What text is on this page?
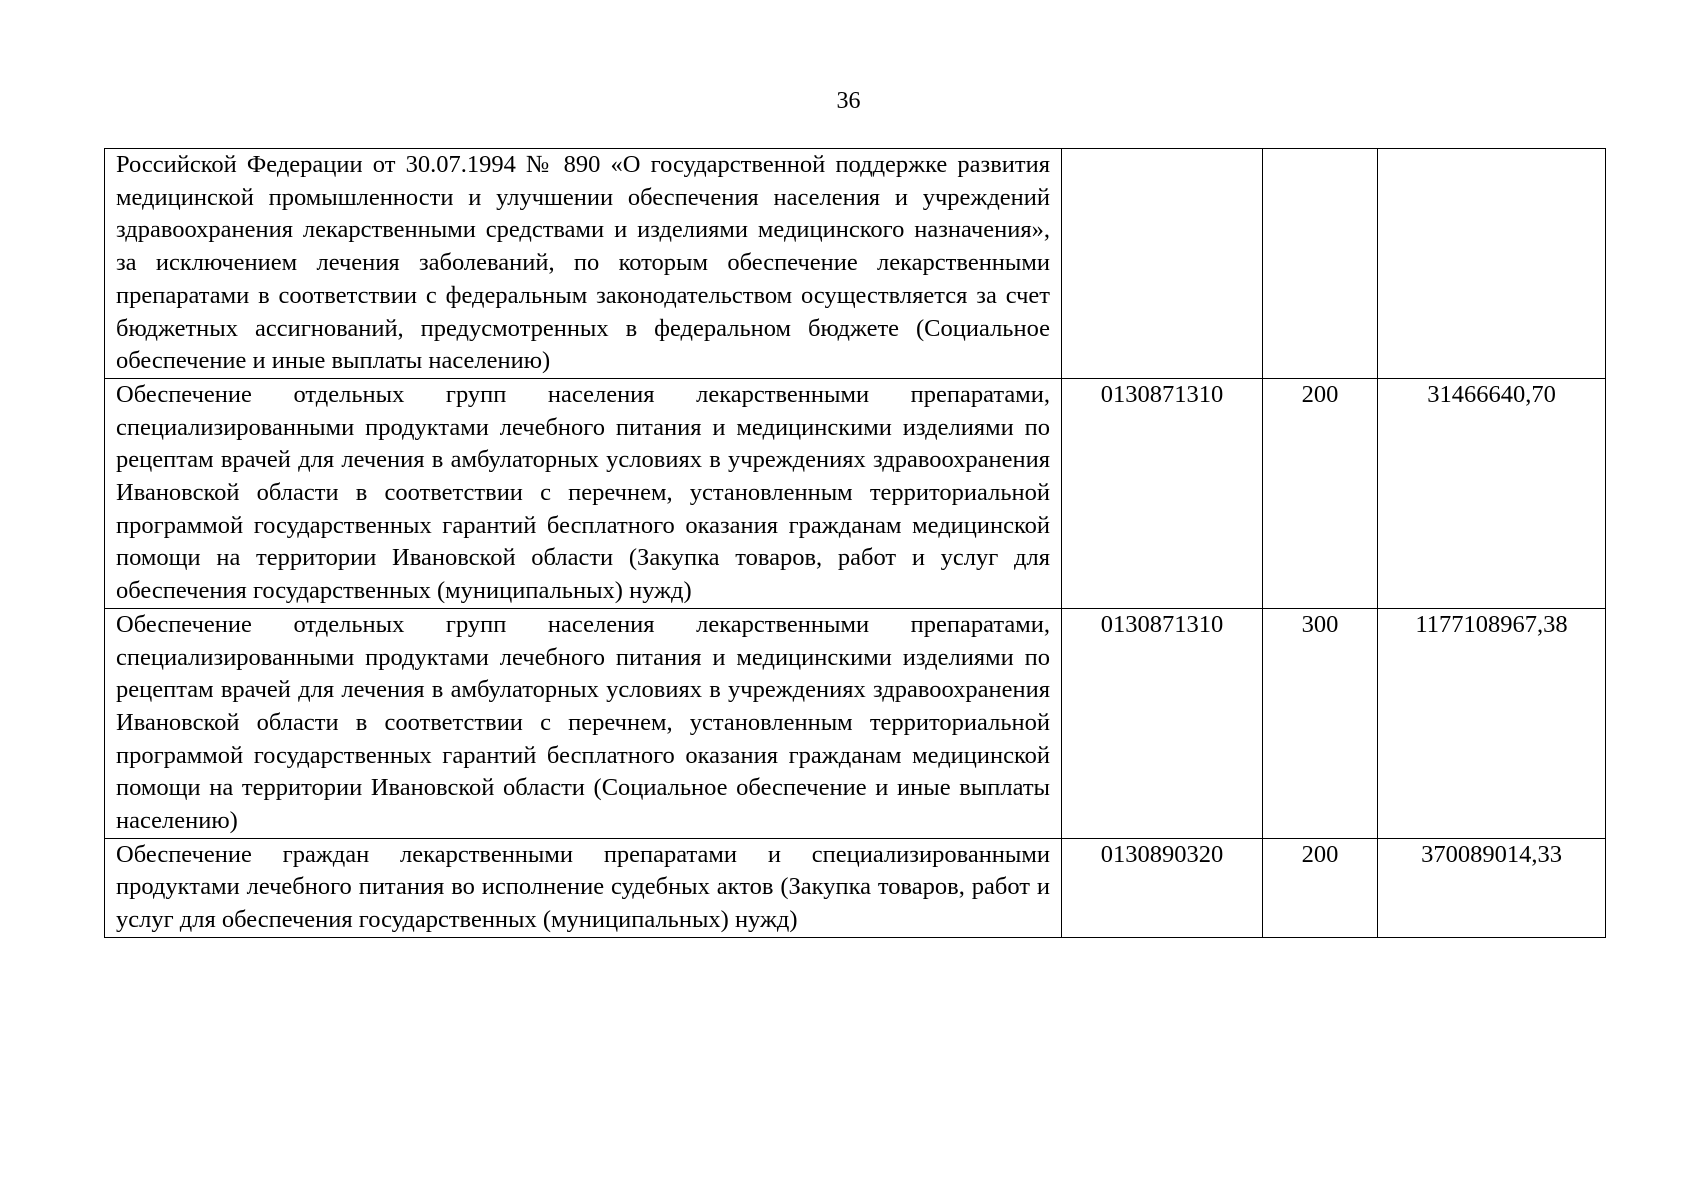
36
Российской Федерации от 30.07.1994 № 890 «О государственной поддержке развития медицинской промышленности и улучшении обеспечения населения и учреждений здравоохранения лекарственными средствами и изделиями медицинского назначения», за исключением лечения заболеваний, по которым обеспечение лекарственными препаратами в соответствии с федеральным законодательством осуществляется за счет бюджетных ассигнований, предусмотренных в федеральном бюджете (Социальное обеспечение и иные выплаты населению)			
Обеспечение отдельных групп населения лекарственными препаратами, специализированными продуктами лечебного питания и медицинскими изделиями по рецептам врачей для лечения в амбулаторных условиях в учреждениях здравоохранения Ивановской области в соответствии с перечнем, установленным территориальной программой государственных гарантий бесплатного оказания гражданам медицинской помощи на территории Ивановской области (Закупка товаров, работ и услуг для обеспечения государственных (муниципальных) нужд)	0130871310	200	31466640,70
Обеспечение отдельных групп населения лекарственными препаратами, специализированными продуктами лечебного питания и медицинскими изделиями по рецептам врачей для лечения в амбулаторных условиях в учреждениях здравоохранения Ивановской области в соответствии с перечнем, установленным территориальной программой государственных гарантий бесплатного оказания гражданам медицинской помощи на территории Ивановской области (Социальное обеспечение и иные выплаты населению)	0130871310	300	1177108967,38
Обеспечение граждан лекарственными препаратами и специализированными продуктами лечебного питания во исполнение судебных актов (Закупка товаров, работ и услуг для обеспечения государственных (муниципальных) нужд)	0130890320	200	370089014,33
